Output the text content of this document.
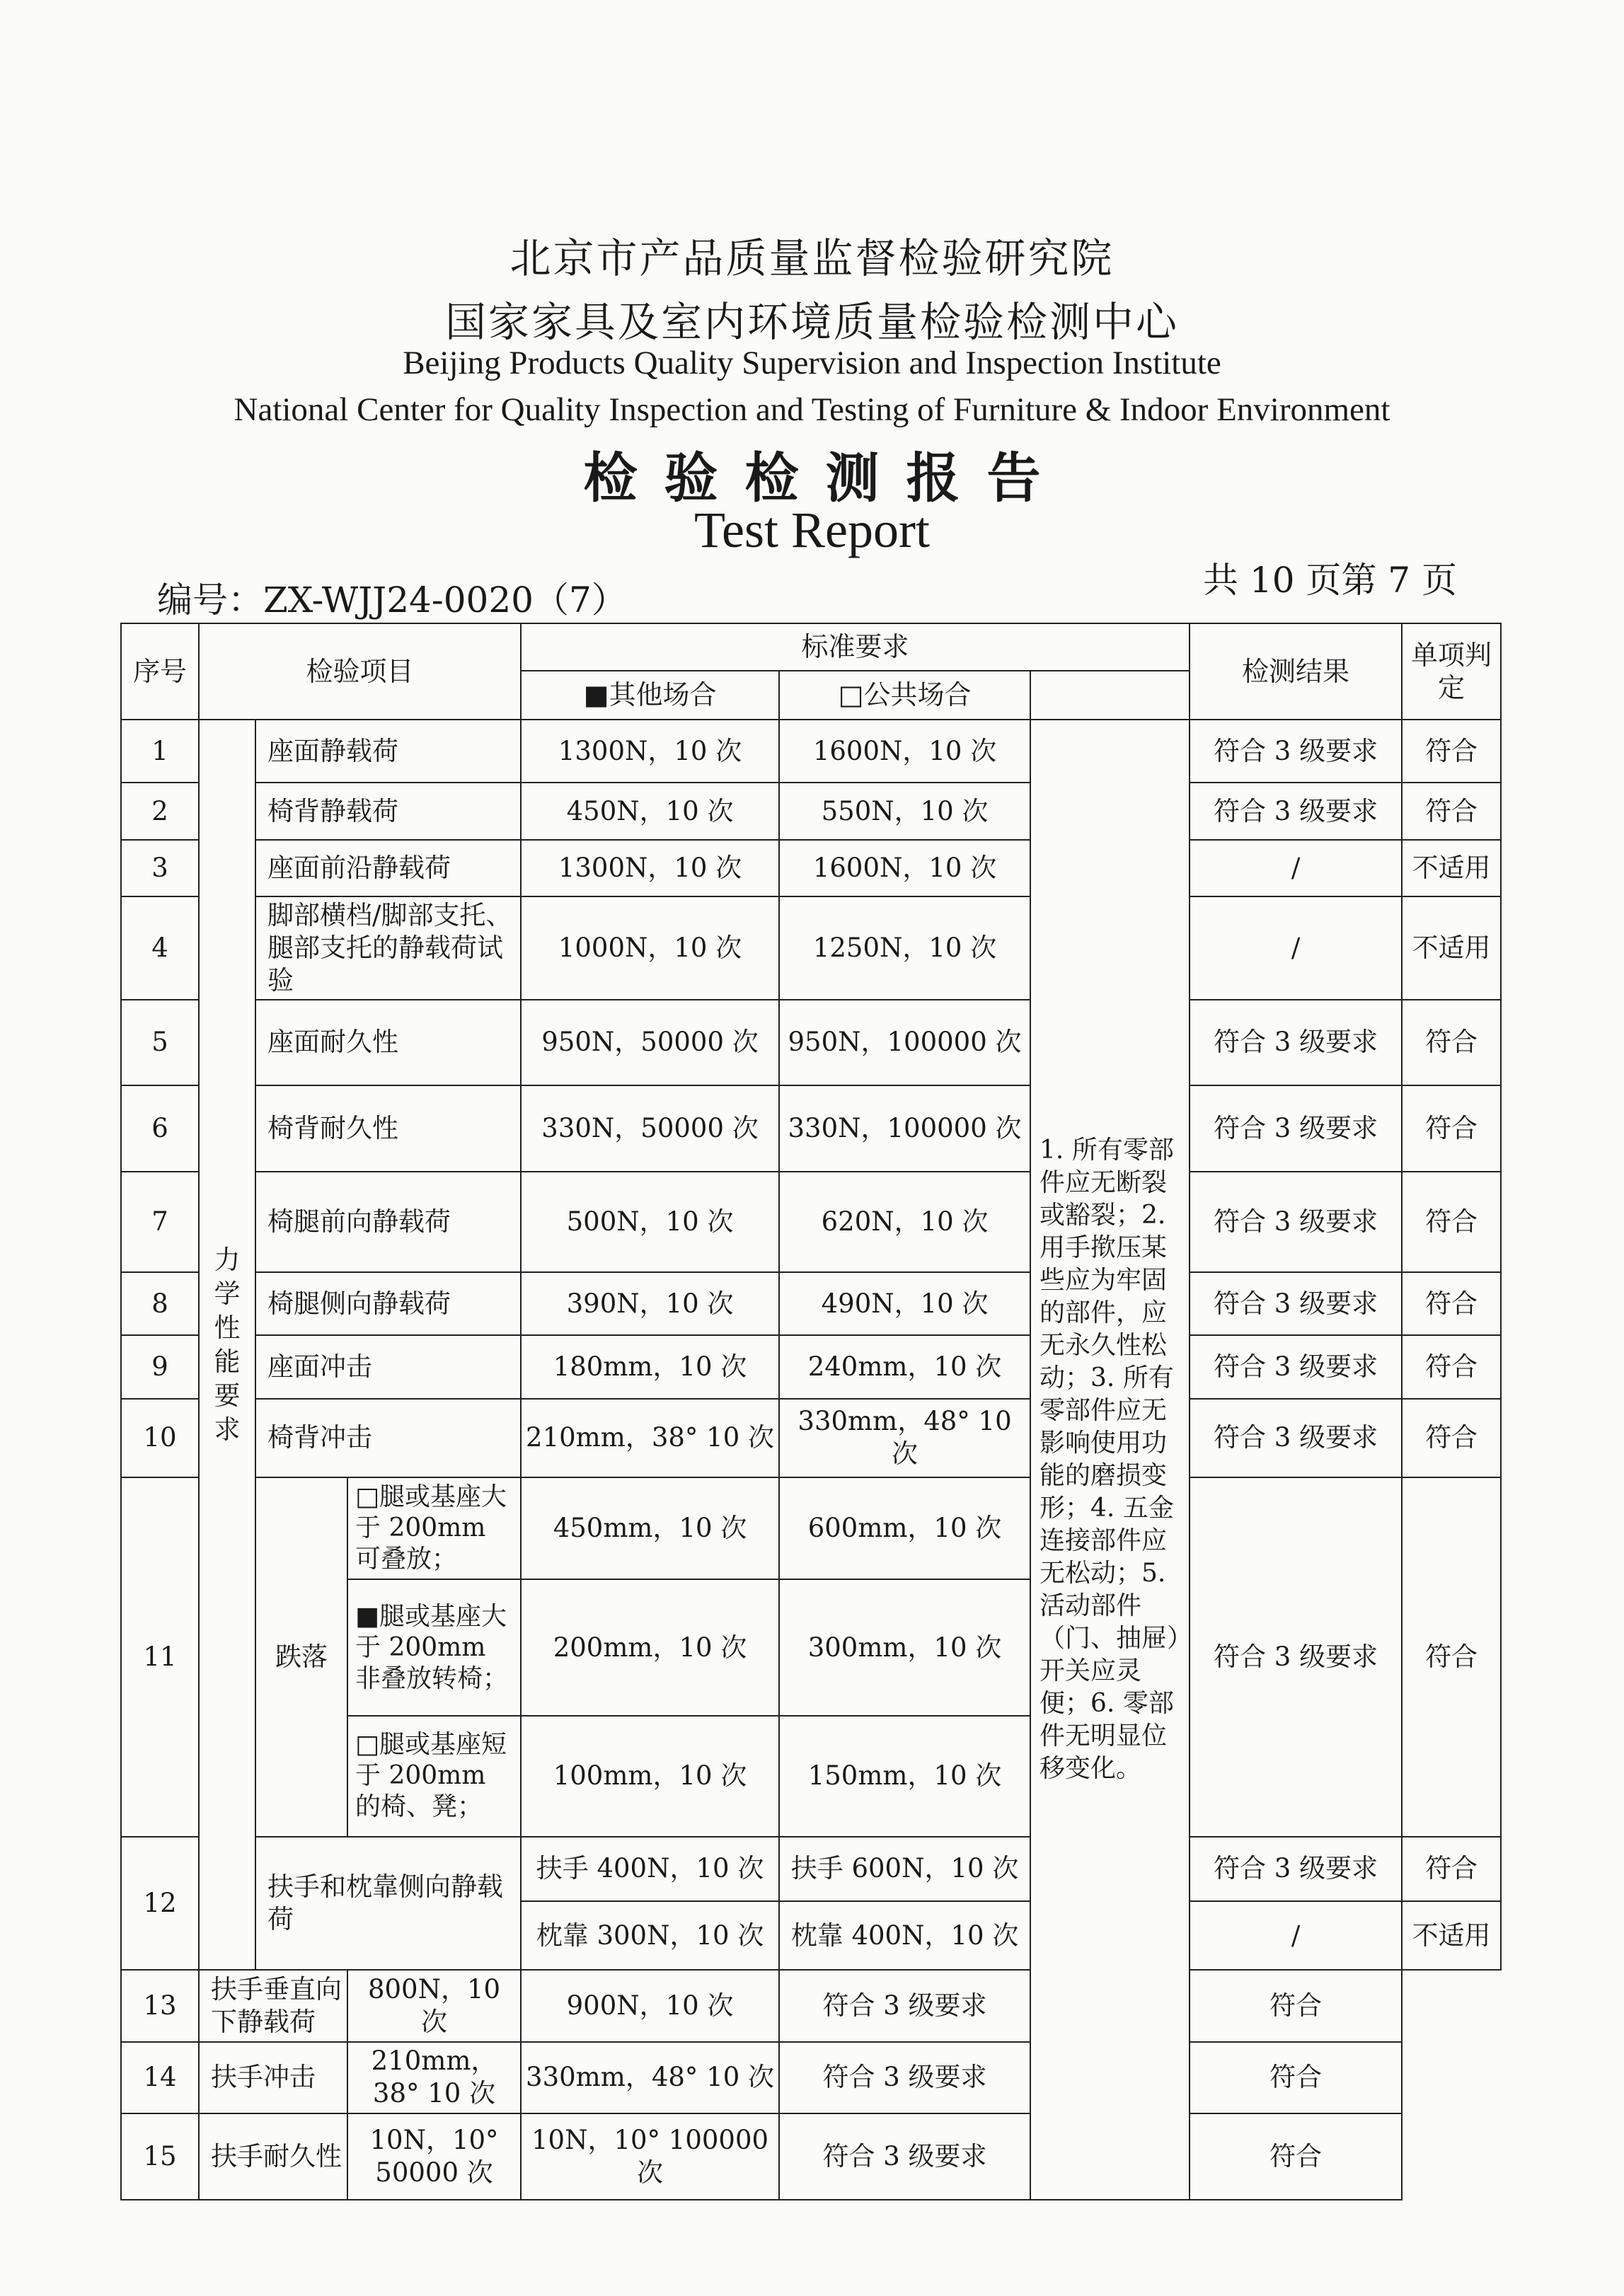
北京市产品质量监督检验研究院
国家家具及室内环境质量检验检测中心
Beijing Products Quality Supervision and Inspection Institute
National Center for Quality Inspection and Testing of Furniture & Indoor Environment
检验检测报告
Test Report
编号：ZX-WJJ24-0020（7）	共 10 页第 7 页
序号	检验项目			标准要求			检测结果	单项判定
				■其他场合	□公共场合			
1	力学性能要求	座面静载荷		1300N，10 次	1600N，10 次	1. 所有零部件应无断裂或豁裂；2. 用手揿压某些应为牢固的部件，应无永久性松动；3. 所有零部件应无影响使用功能的磨损变形；4. 五金连接部件应无松动；5. 活动部件（门、抽屉）开关应灵便；6. 零部件无明显位移变化。	符合 3 级要求	符合
2		椅背静载荷		450N，10 次	550N，10 次		符合 3 级要求	符合
3		座面前沿静载荷		1300N，10 次	1600N，10 次		/	不适用
4		脚部横档/脚部支托、腿部支托的静载荷试验		1000N，10 次	1250N，10 次		/	不适用
5		座面耐久性		950N，50000 次	950N，100000 次		符合 3 级要求	符合
6		椅背耐久性		330N，50000 次	330N，100000 次		符合 3 级要求	符合
7		椅腿前向静载荷		500N，10 次	620N，10 次		符合 3 级要求	符合
8		椅腿侧向静载荷		390N，10 次	490N，10 次		符合 3 级要求	符合
9		座面冲击		180mm，10 次	240mm，10 次		符合 3 级要求	符合
10		椅背冲击		210mm，38° 10 次	330mm，48° 10 次		符合 3 级要求	符合
11		跌落	□腿或基座大于 200mm 可叠放；	450mm，10 次	600mm，10 次		符合 3 级要求	符合
			■腿或基座大于 200mm 非叠放转椅；	200mm，10 次	300mm，10 次			
			□腿或基座短于 200mm 的椅、凳；	100mm，10 次	150mm，10 次			
12		扶手和枕靠侧向静载荷		扶手 400N，10 次	扶手 600N，10 次		符合 3 级要求	符合
				枕靠 300N，10 次	枕靠 400N，10 次		/	不适用
13	扶手垂直向下静载荷		800N，10 次	900N，10 次	符合 3 级要求		符合	
14	扶手冲击		210mm，38° 10 次	330mm，48° 10 次	符合 3 级要求		符合	
15	扶手耐久性		10N，10° 50000 次	10N，10° 100000 次	符合 3 级要求		符合	
